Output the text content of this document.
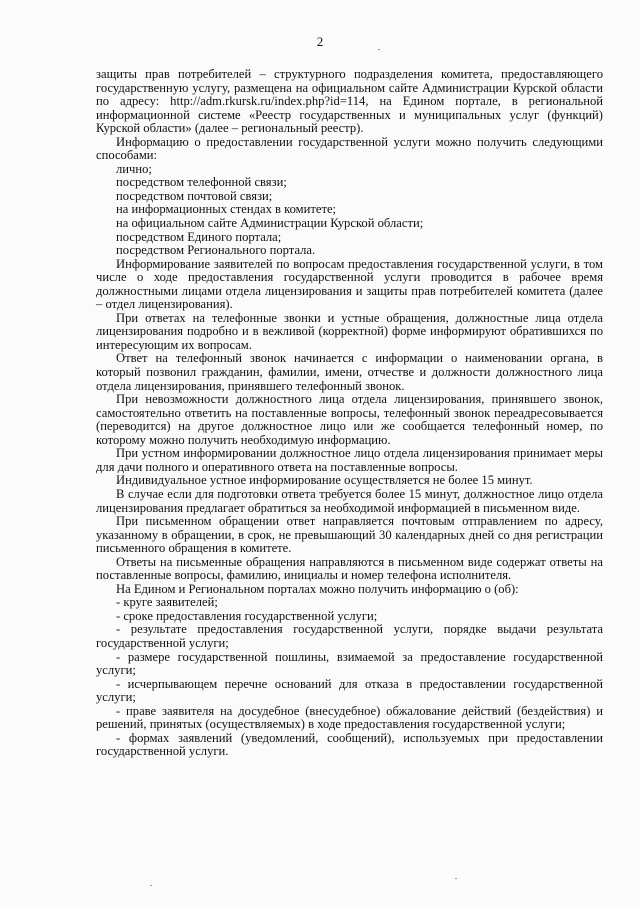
2

защиты прав потребителей – структурного подразделения комитета, предоставляющего государственную услугу, размещена на официальном сайте Администрации Курской области по адресу: http://adm.rkursk.ru/index.php?id=114, на Едином портале, в региональной информационной системе «Реестр государственных и муниципальных услуг (функций) Курской области» (далее – региональный реестр).

Информацию о предоставлении государственной услуги можно получить следующими способами:

лично;

посредством телефонной связи;

посредством почтовой связи;

на информационных стендах в комитете;

на официальном сайте Администрации Курской области;

посредством Единого портала;

посредством Регионального портала.

Информирование заявителей по вопросам предоставления государственной услуги, в том числе о ходе предоставления государственной услуги проводится в рабочее время должностными лицами отдела лицензирования и защиты прав потребителей комитета (далее – отдел лицензирования).

При ответах на телефонные звонки и устные обращения, должностные лица отдела лицензирования подробно и в вежливой (корректной) форме информируют обратившихся по интересующим их вопросам.

Ответ на телефонный звонок начинается с информации о наименовании органа, в который позвонил гражданин, фамилии, имени, отчестве и должности должностного лица отдела лицензирования, принявшего телефонный звонок.

При невозможности должностного лица отдела лицензирования, принявшего звонок, самостоятельно ответить на поставленные вопросы, телефонный звонок переадресовывается (переводится) на другое должностное лицо или же сообщается телефонный номер, по которому можно получить необходимую информацию.

При устном информировании должностное лицо отдела лицензирования принимает меры для дачи полного и оперативного ответа на поставленные вопросы.

Индивидуальное устное информирование осуществляется не более 15 минут.

В случае если для подготовки ответа требуется более 15 минут, должностное лицо отдела лицензирования предлагает обратиться за необходимой информацией в письменном виде.

При письменном обращении ответ направляется почтовым отправлением по адресу, указанному в обращении, в срок, не превышающий 30 календарных дней со дня регистрации письменного обращения в комитете.

Ответы на письменные обращения направляются в письменном виде содержат ответы на поставленные вопросы, фамилию, инициалы и номер телефона исполнителя.

На Едином и Региональном порталах можно получить информацию о (об):

- круге заявителей;

- сроке предоставления государственной услуги;

- результате предоставления государственной услуги, порядке выдачи результата государственной услуги;

- размере государственной пошлины, взимаемой за предоставление государственной услуги;

- исчерпывающем перечне оснований для отказа в предоставлении государственной услуги;

- праве заявителя на досудебное (внесудебное) обжалование действий (бездействия) и решений, принятых (осуществляемых) в ходе предоставления государственной услуги;

- формах заявлений (уведомлений, сообщений), используемых при предоставлении государственной услуги.
